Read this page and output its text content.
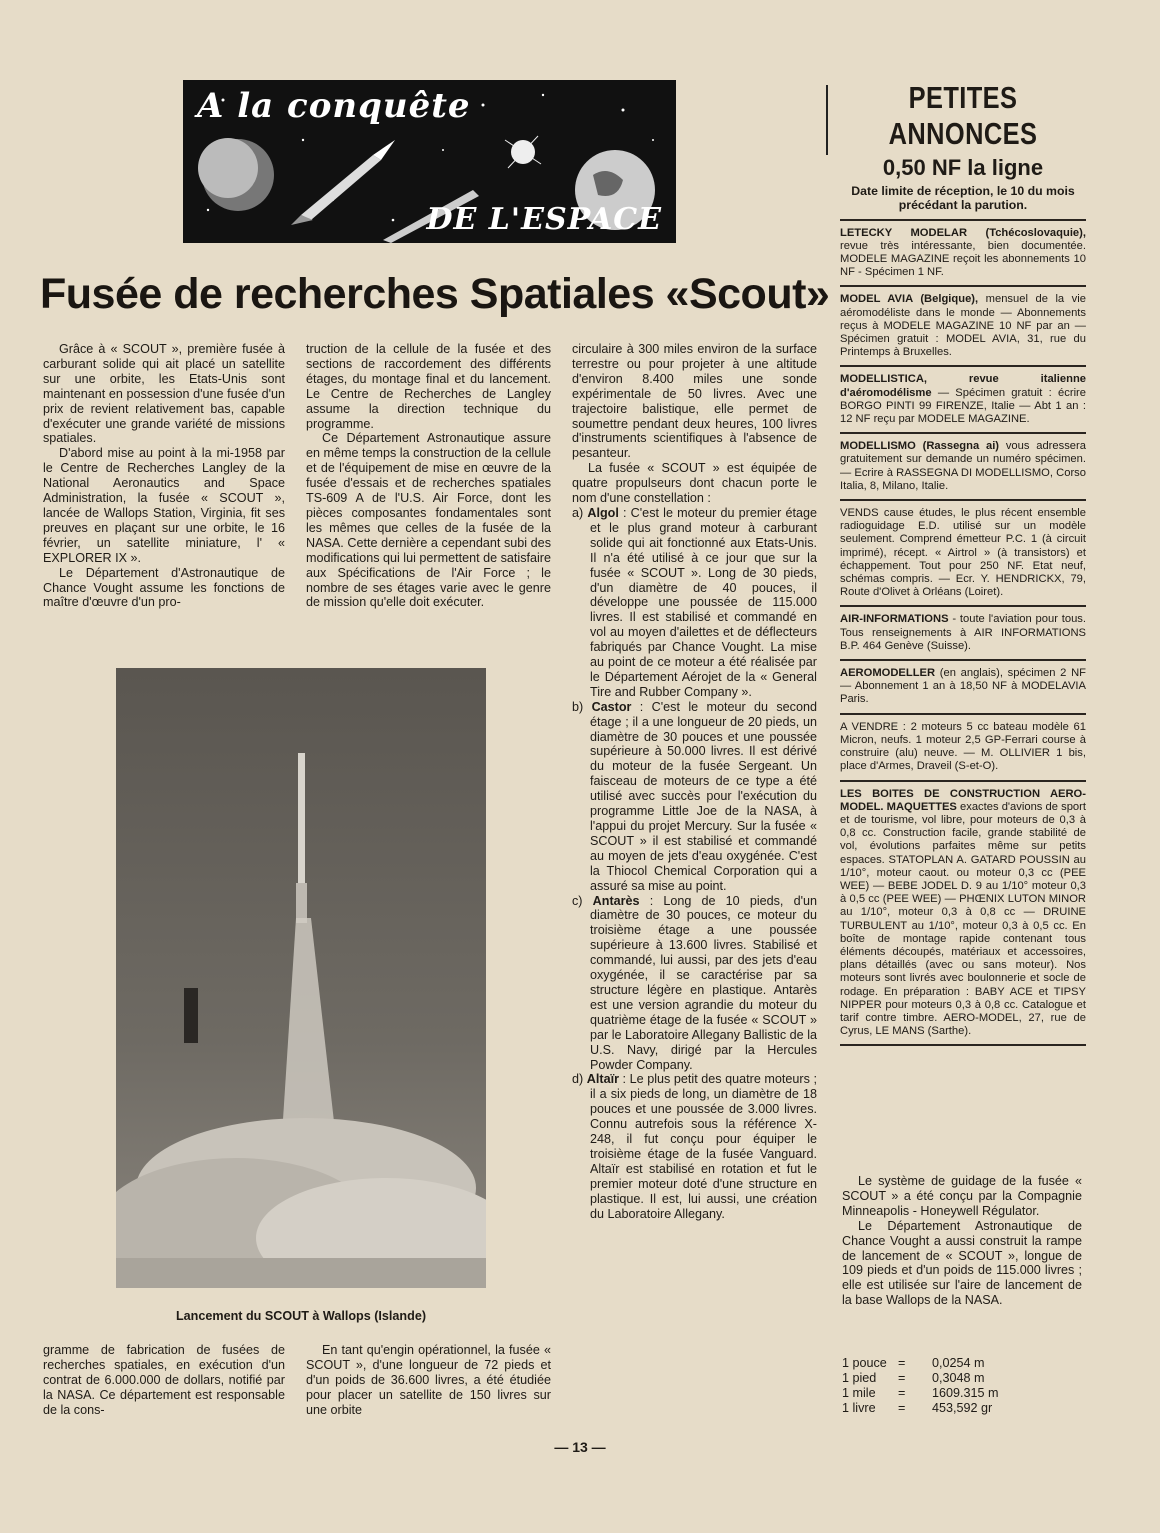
A la conquête
DE L'ESPACE
Fusée de recherches Spatiales «Scout»

Grâce à « SCOUT », première fusée à carburant solide qui ait placé un satellite sur une orbite, les Etats-Unis sont maintenant en possession d'une fusée d'un prix de revient relativement bas, capable d'exécuter une grande variété de missions spatiales.

D'abord mise au point à la mi-1958 par le Centre de Recherches Langley de la National Aeronautics and Space Administration, la fusée « SCOUT », lancée de Wallops Station, Virginia, fit ses preuves en plaçant sur une orbite, le 16 février, un satellite miniature, l' « EXPLORER IX ».

Le Département d'Astronautique de Chance Vought assume les fonctions de maître d'œuvre d'un pro-

truction de la cellule de la fusée et des sections de raccordement des différents étages, du montage final et du lancement. Le Centre de Recherches de Langley assume la direction technique du programme.

Ce Département Astronautique assure en même temps la construction de la cellule et de l'équipement de mise en œuvre de la fusée d'essais et de recherches spatiales TS-609 A de l'U.S. Air Force, dont les pièces composantes fondamentales sont les mêmes que celles de la fusée de la NASA. Cette dernière a cependant subi des modifications qui lui permettent de satisfaire aux Spécifications de l'Air Force ; le nombre de ses étages varie avec le genre de mission qu'elle doit exécuter.

Lancement du SCOUT à Wallops (Islande)

gramme de fabrication de fusées de recherches spatiales, en exécution d'un contrat de 6.000.000 de dollars, notifié par la NASA. Ce département est responsable de la cons-

En tant qu'engin opérationnel, la fusée « SCOUT », d'une longueur de 72 pieds et d'un poids de 36.600 livres, a été étudiée pour placer un satellite de 150 livres sur une orbite

circulaire à 300 miles environ de la surface terrestre ou pour projeter à une altitude d'environ 8.400 miles une sonde expérimentale de 50 livres. Avec une trajectoire balistique, elle permet de soumettre pendant deux heures, 100 livres d'instruments scientifiques à l'absence de pesanteur.

La fusée « SCOUT » est équipée de quatre propulseurs dont chacun porte le nom d'une constellation :

a) Algol : C'est le moteur du premier étage et le plus grand moteur à carburant solide qui ait fonctionné aux Etats-Unis. Il n'a été utilisé à ce jour que sur la fusée « SCOUT ». Long de 30 pieds, d'un diamètre de 40 pouces, il développe une poussée de 115.000 livres. Il est stabilisé et commandé en vol au moyen d'ailettes et de déflecteurs fabriqués par Chance Vought. La mise au point de ce moteur a été réalisée par le Département Aérojet de la « General Tire and Rubber Company ».
b) Castor : C'est le moteur du second étage ; il a une longueur de 20 pieds, un diamètre de 30 pouces et une poussée supérieure à 50.000 livres. Il est dérivé du moteur de la fusée Sergeant. Un faisceau de moteurs de ce type a été utilisé avec succès pour l'exécution du programme Little Joe de la NASA, à l'appui du projet Mercury. Sur la fusée « SCOUT » il est stabilisé et commandé au moyen de jets d'eau oxygénée. C'est la Thiocol Chemical Corporation qui a assuré sa mise au point.
c) Antarès : Long de 10 pieds, d'un diamètre de 30 pouces, ce moteur du troisième étage a une poussée supérieure à 13.600 livres. Stabilisé et commandé, lui aussi, par des jets d'eau oxygénée, il se caractérise par sa structure légère en plastique. Antarès est une version agrandie du moteur du quatrième étage de la fusée « SCOUT » par le Laboratoire Allegany Ballistic de la U.S. Navy, dirigé par la Hercules Powder Company.
d) Altaïr : Le plus petit des quatre moteurs ; il a six pieds de long, un diamètre de 18 pouces et une poussée de 3.000 livres. Connu autrefois sous la référence X-248, il fut conçu pour équiper le troisième étage de la fusée Vanguard. Altaïr est stabilisé en rotation et fut le premier moteur doté d'une structure en plastique. Il est, lui aussi, une création du Laboratoire Allegany.
PETITES ANNONCES
0,50 NF la ligne
Date limite de réception, le 10 du mois précédant la parution.
LETECKY MODELAR (Tchécoslovaquie), revue très intéressante, bien documentée. MODELE MAGAZINE reçoit les abonnements 10 NF - Spécimen 1 NF.
MODEL AVIA (Belgique), mensuel de la vie aéromodéliste dans le monde — Abonnements reçus à MODELE MAGAZINE 10 NF par an — Spécimen gratuit : MODEL AVIA, 31, rue du Printemps à Bruxelles.
MODELLISTICA, revue italienne d'aéromodélisme — Spécimen gratuit : écrire BORGO PINTI 99 FIRENZE, Italie — Abt 1 an : 12 NF reçu par MODELE MAGAZINE.
MODELLISMO (Rassegna ai) vous adressera gratuitement sur demande un numéro spécimen. — Ecrire à RASSEGNA DI MODELLISMO, Corso Italia, 8, Milano, Italie.
VENDS cause études, le plus récent ensemble radioguidage E.D. utilisé sur un modèle seulement. Comprend émetteur P.C. 1 (à circuit imprimé), récept. « Airtrol » (à transistors) et échappement. Tout pour 250 NF. Etat neuf, schémas compris. — Ecr. Y. HENDRICKX, 79, Route d'Olivet à Orléans (Loiret).
AIR-INFORMATIONS - toute l'aviation pour tous. Tous renseignements à AIR INFORMATIONS B.P. 464 Genève (Suisse).
AEROMODELLER (en anglais), spécimen 2 NF — Abonnement 1 an à 18,50 NF à MODELAVIA Paris.
A VENDRE : 2 moteurs 5 cc bateau modèle 61 Micron, neufs. 1 moteur 2,5 GP-Ferrari course à construire (alu) neuve. — M. OLLIVIER 1 bis, place d'Armes, Draveil (S-et-O).
LES BOITES DE CONSTRUCTION AERO-MODEL. MAQUETTES exactes d'avions de sport et de tourisme, vol libre, pour moteurs de 0,3 à 0,8 cc. Construction facile, grande stabilité de vol, évolutions parfaites même sur petits espaces. STATOPLAN A. GATARD POUSSIN au 1/10°, moteur caout. ou moteur 0,3 cc (PEE WEE) — BEBE JODEL D. 9 au 1/10° moteur 0,3 à 0,5 cc (PEE WEE) — PHŒNIX LUTON MINOR au 1/10°, moteur 0,3 à 0,8 cc — DRUINE TURBULENT au 1/10°, moteur 0,3 à 0,5 cc. En boîte de montage rapide contenant tous éléments découpés, matériaux et accessoires, plans détaillés (avec ou sans moteur). Nos moteurs sont livrés avec boulonnerie et socle de rodage. En préparation : BABY ACE et TIPSY NIPPER pour moteurs 0,3 à 0,8 cc. Catalogue et tarif contre timbre. AERO-MODEL, 27, rue de Cyrus, LE MANS (Sarthe).

Le système de guidage de la fusée « SCOUT » a été conçu par la Compagnie Minneapolis - Honeywell Régulator.

Le Département Astronautique de Chance Vought a aussi construit la rampe de lancement de « SCOUT », longue de 109 pieds et d'un poids de 115.000 livres ; elle est utilisée sur l'aire de lancement de la base Wallops de la NASA.

1 pouce =	0,0254 m
1 pied	=	0,3048 m
1 mile	=	1609.315 m
1 livre	=	453,592 gr
— 13 —
